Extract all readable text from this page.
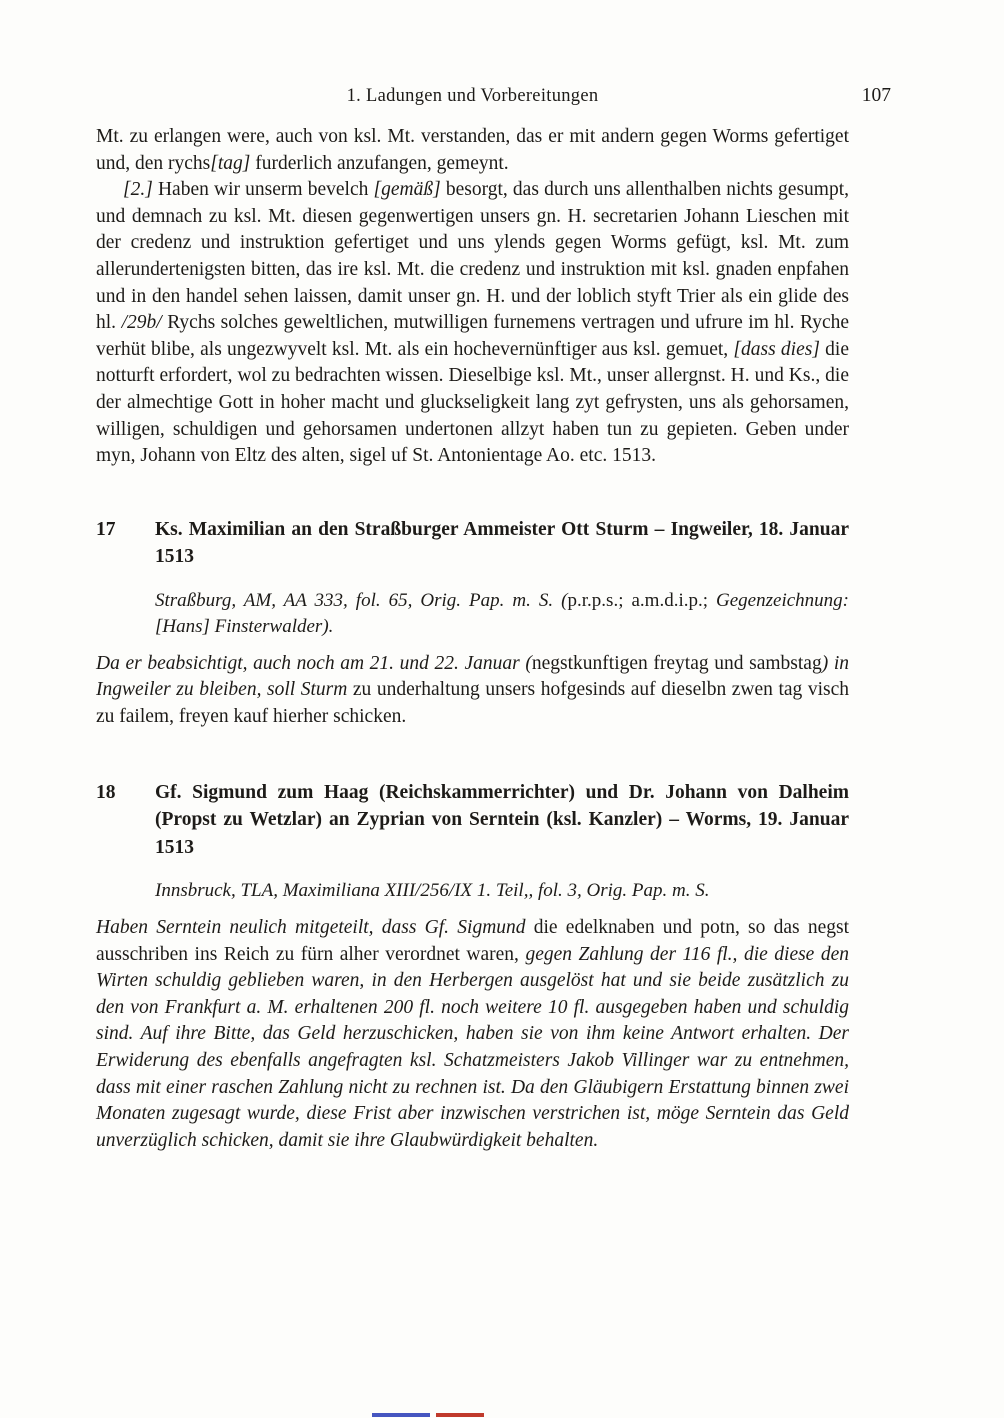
1. Ladungen und Vorbereitungen	107

Mt. zu erlangen were, auch von ksl. Mt. verstanden, das er mit andern gegen Worms gefertiget und, den rychs[tag] furderlich anzufangen, gemeynt.

[2.] Haben wir unserm bevelch [gemäß] besorgt, das durch uns allenthalben nichts gesumpt, und demnach zu ksl. Mt. diesen gegenwertigen unsers gn. H. secretarien Johann Lieschen mit der credenz und instruktion gefertiget und uns ylends gegen Worms gefügt, ksl. Mt. zum allerundertenigsten bitten, das ire ksl. Mt. die credenz und instruktion mit ksl. gnaden enpfahen und in den handel sehen laissen, damit unser gn. H. und der loblich styft Trier als ein glide des hl. /29b/ Rychs solches geweltlichen, mutwilligen furnemens vertragen und ufrure im hl. Ryche verhüt blibe, als ungezwyvelt ksl. Mt. als ein hochevernünftiger aus ksl. gemuet, [dass dies] die notturft erfordert, wol zu bedrachten wissen. Dieselbige ksl. Mt., unser allergnst. H. und Ks., die der almechtige Gott in hoher macht und gluckseligkeit lang zyt gefrysten, uns als gehorsamen, willigen, schuldigen und gehorsamen undertonen allzyt haben tun zu gepieten. Geben under myn, Johann von Eltz des alten, sigel uf St. Antonientage Ao. etc. 1513.

17	Ks. Maximilian an den Straßburger Ammeister Ott Sturm – Ingweiler, 18. Januar 1513

Straßburg, AM, AA 333, fol. 65, Orig. Pap. m. S. (p.r.p.s.; a.m.d.i.p.; Gegenzeichnung: [Hans] Finsterwalder).

Da er beabsichtigt, auch noch am 21. und 22. Januar (negstkunftigen freytag und sambstag) in Ingweiler zu bleiben, soll Sturm zu underhaltung unsers hofgesinds auf dieselbn zwen tag visch zu failem, freyen kauf hierher schicken.

18	Gf. Sigmund zum Haag (Reichskammerrichter) und Dr. Johann von Dalheim (Propst zu Wetzlar) an Zyprian von Serntein (ksl. Kanzler) – Worms, 19. Januar 1513

Innsbruck, TLA, Maximiliana XIII/256/IX 1. Teil,, fol. 3, Orig. Pap. m. S.

Haben Serntein neulich mitgeteilt, dass Gf. Sigmund die edelknaben und potn, so das negst ausschriben ins Reich zu fürn alher verordnet waren, gegen Zahlung der 116 fl., die diese den Wirten schuldig geblieben waren, in den Herbergen ausgelöst hat und sie beide zusätzlich zu den von Frankfurt a. M. erhaltenen 200 fl. noch weitere 10 fl. ausgegeben haben und schuldig sind. Auf ihre Bitte, das Geld herzuschicken, haben sie von ihm keine Antwort erhalten. Der Erwiderung des ebenfalls angefragten ksl. Schatzmeisters Jakob Villinger war zu entnehmen, dass mit einer raschen Zahlung nicht zu rechnen ist. Da den Gläubigern Erstattung binnen zwei Monaten zugesagt wurde, diese Frist aber inzwischen verstrichen ist, möge Serntein das Geld unverzüglich schicken, damit sie ihre Glaubwürdigkeit behalten.
